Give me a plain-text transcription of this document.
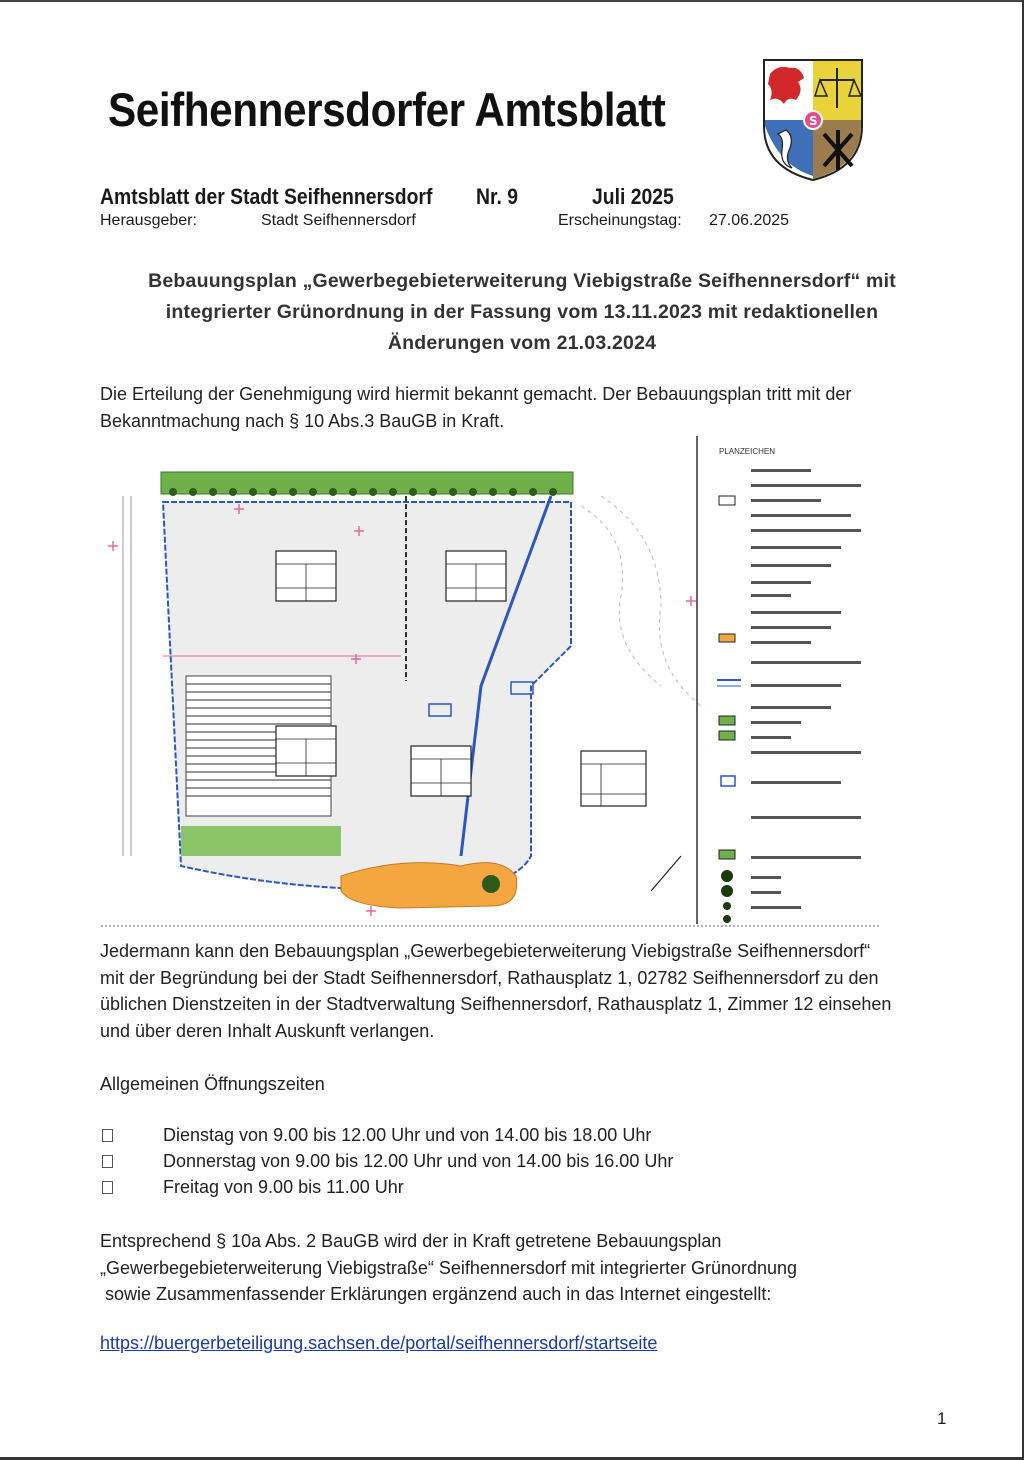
Seifhennersdorfer Amtsblatt	S
Amtsblatt der Stadt Seifhennersdorf Nr. 9	Juli 2025
Herausgeber:	Stadt Seifhennersdorf	Erscheinungstag: 27.06.2025
Bebauungsplan „Gewerbegebieterweiterung Viebigstraße Seifhennersdorf“ mit
integrierter Grünordnung in der Fassung vom 13.11.2023 mit redaktionellen
Änderungen vom 21.03.2024
Die Erteilung der Genehmigung wird hiermit bekannt gemacht. Der Bebauungsplan tritt mit der
Bekanntmachung nach § 10 Abs.3 BauGB in Kraft.
PLANZEICHEN
Jedermann kann den Bebauungsplan „Gewerbegebieterweiterung Viebigstraße Seifhennersdorf“
mit der Begründung bei der Stadt Seifhennersdorf, Rathausplatz 1, 02782 Seifhennersdorf zu den
üblichen Dienstzeiten in der Stadtverwaltung Seifhennersdorf, Rathausplatz 1, Zimmer 12 einsehen
und über deren Inhalt Auskunft verlangen.
Allgemeinen Öffnungszeiten
Dienstag von 9.00 bis 12.00 Uhr und von 14.00 bis 18.00 Uhr
Donnerstag von 9.00 bis 12.00 Uhr und von 14.00 bis 16.00 Uhr
Freitag von 9.00 bis 11.00 Uhr
Entsprechend § 10a Abs. 2 BauGB wird der in Kraft getretene Bebauungsplan
„Gewerbegebieterweiterung Viebigstraße“ Seifhennersdorf mit integrierter Grünordnung
sowie Zusammenfassender Erklärungen ergänzend auch in das Internet eingestellt:
https://buergerbeteiligung.sachsen.de/portal/seifhennersdorf/startseite
1
